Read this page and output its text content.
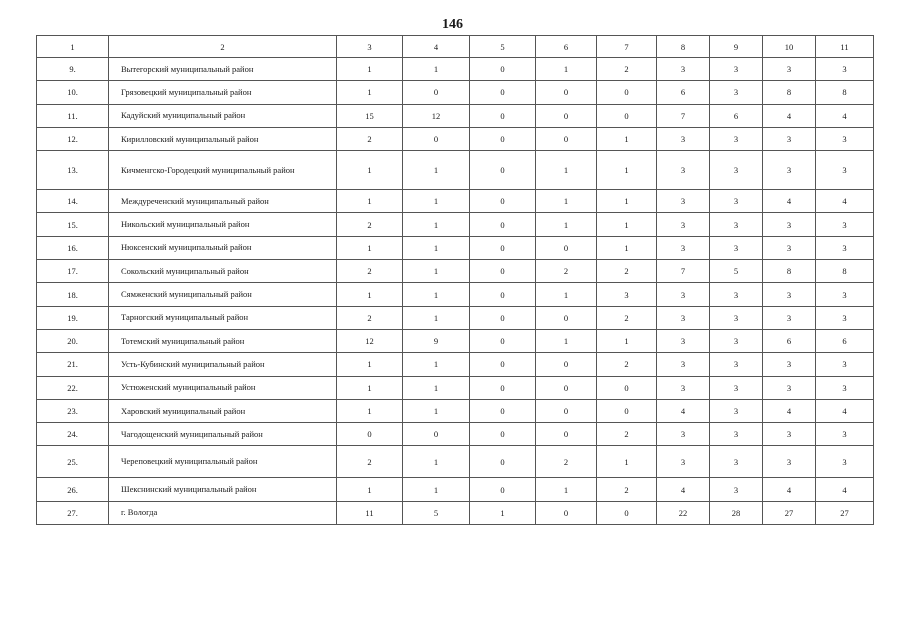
146
1	2	3	4	5	6	7	8	9	10	11
9.	Вытегорский муниципальный район	1	1	0	1	2	3	3	3	3
10.	Грязовецкий муниципальный район	1	0	0	0	0	6	3	8	8
11.	Кадуйский муниципальный район	15	12	0	0	0	7	6	4	4
12.	Кирилловский муниципальный район	2	0	0	0	1	3	3	3	3
13.	Кичменгско-Городецкий муниципальный район	1	1	0	1	1	3	3	3	3
14.	Междуреченский муниципальный район	1	1	0	1	1	3	3	4	4
15.	Никольский муниципальный район	2	1	0	1	1	3	3	3	3
16.	Нюксенский муниципальный район	1	1	0	0	1	3	3	3	3
17.	Сокольский муниципальный район	2	1	0	2	2	7	5	8	8
18.	Сямженский муниципальный район	1	1	0	1	3	3	3	3	3
19.	Тарногский муниципальный район	2	1	0	0	2	3	3	3	3
20.	Тотемский муниципальный район	12	9	0	1	1	3	3	6	6
21.	Усть-Кубинский муниципальный район	1	1	0	0	2	3	3	3	3
22.	Устюженский муниципальный район	1	1	0	0	0	3	3	3	3
23.	Харовский муниципальный район	1	1	0	0	0	4	3	4	4
24.	Чагодощенский муниципальный район	0	0	0	0	2	3	3	3	3
25.	Череповецкий муниципальный район	2	1	0	2	1	3	3	3	3
26.	Шекснинский муниципальный район	1	1	0	1	2	4	3	4	4
27.	г. Вологда	11	5	1	0	0	22	28	27	27
